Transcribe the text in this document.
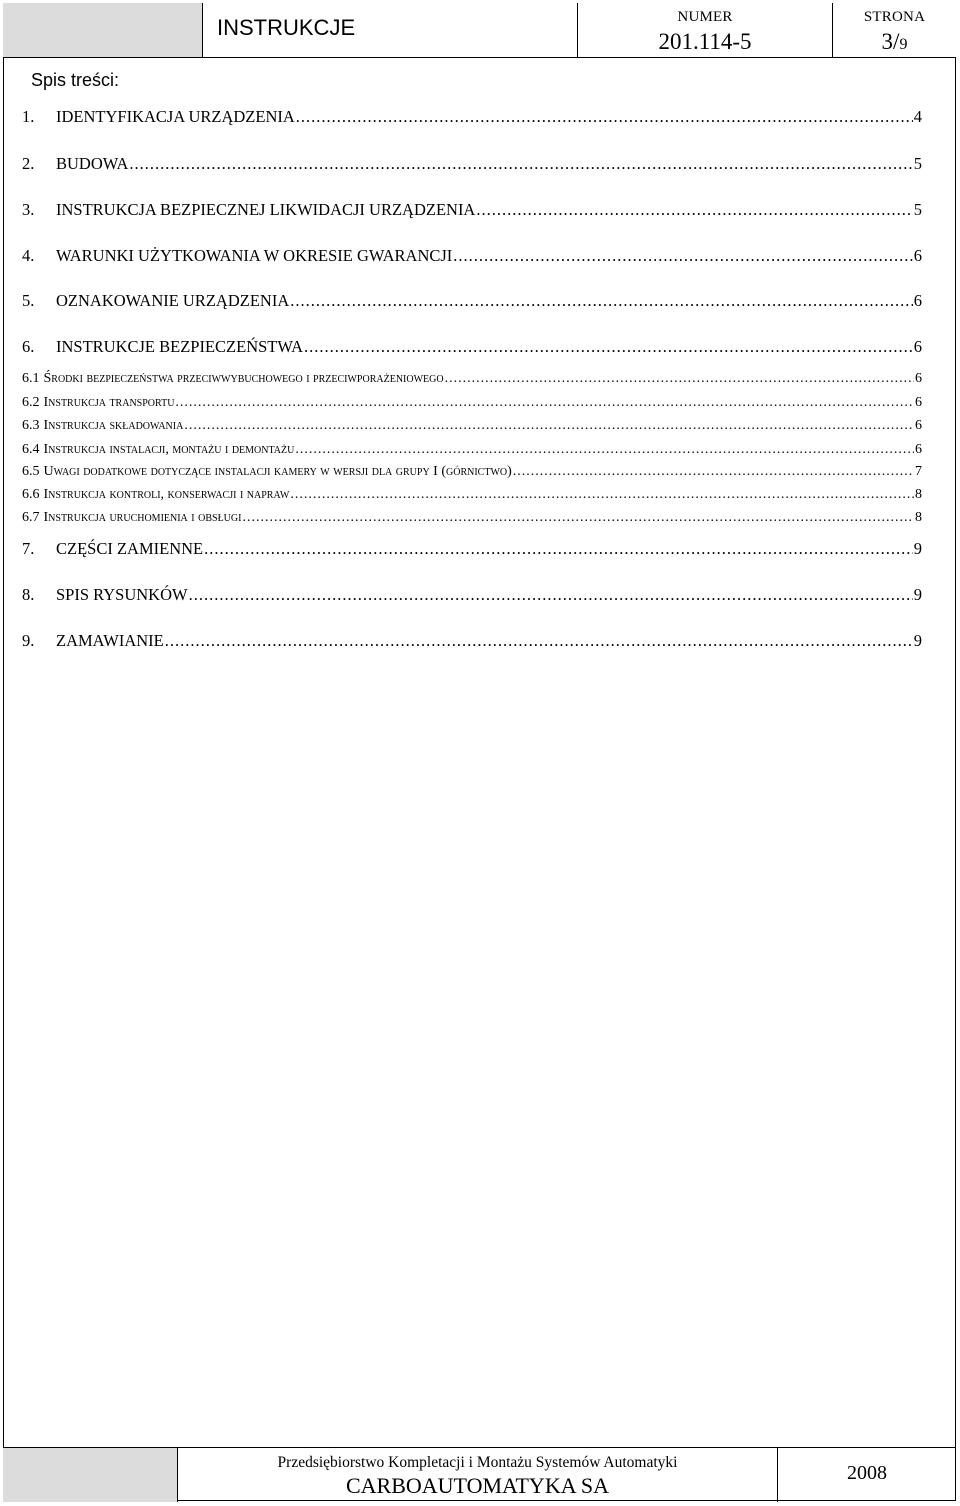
INSTRUKCJE	NUMER
201.114-5
STRONA
3/9
Spis treści:
1.	IDENTYFIKACJA URZĄDZENIA .....	4
2.	BUDOWA .....	5
3.	INSTRUKCJA BEZPIECZNEJ LIKWIDACJI URZĄDZENIA .....	5
4.	WARUNKI UŻYTKOWANIA W OKRESIE GWARANCJI .....	6
5.	OZNAKOWANIE URZĄDZENIA .....	6
6.	INSTRUKCJE BEZPIECZEŃSTWA .....	6
6.1 Środki bezpieczeństwa przeciwwybuchowego i przeciwporażeniowego .....	6
6.2 Instrukcja transportu .....	6
6.3 Instrukcja składowania .....	6
6.4 Instrukcja instalacji, montażu i demontażu .....	6
6.5 Uwagi dodatkowe dotyczące instalacji kamery w wersji dla grupy I (górnictwo) .....	7
6.6 Instrukcja kontroli, konserwacji i napraw .....	8
6.7 Instrukcja uruchomienia i obsługi .....	8
7.	CZĘŚCI ZAMIENNE .....	9
8.	SPIS RYSUNKÓW .....	9
9.	ZAMAWIANIE .....	9
Przedsiębiorstwo Kompletacji i Montażu Systemów Automatyki
CARBOAUTOMATYKA SA	2008
